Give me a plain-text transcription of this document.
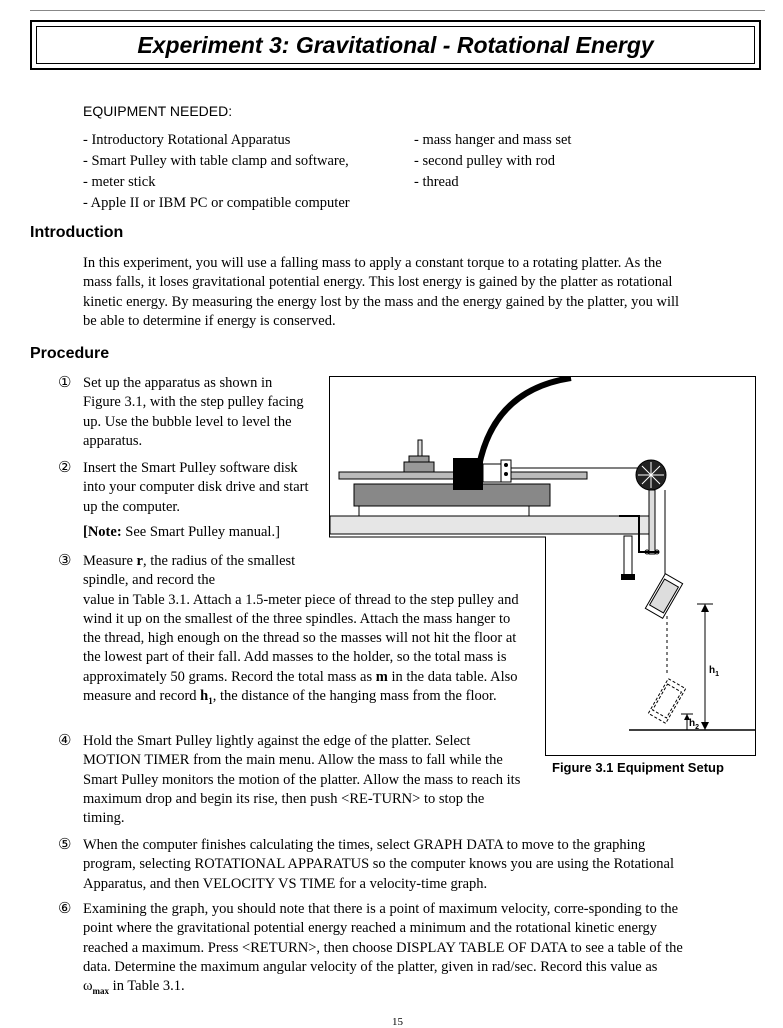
Experiment 3: Gravitational - Rotational Energy
EQUIPMENT NEEDED:
- Introductory Rotational Apparatus
- Smart Pulley with table clamp and software,
- meter stick
- Apple II or IBM PC or compatible computer
- mass hanger and mass set
- second pulley with rod
- thread
Introduction

In this experiment, you will use a falling mass to apply a constant torque to a rotating platter. As the mass falls, it loses gravitational potential energy. This lost energy is gained by the platter as rotational kinetic energy. By measuring the energy lost by the mass and the energy gained by the platter, you will be able to determine if energy is conserved.

Procedure
① Set up the apparatus as shown in Figure 3.1, with the step pulley facing up. Use the bubble level to level the apparatus.

② Insert the Smart Pulley software disk into your computer disk drive and start up the computer.

[Note: See Smart Pulley manual.]

③ Measure r, the radius of the smallest spindle, and record the

value in Table 3.1. Attach a 1.5-meter piece of thread to the step pulley and wind it up on the smallest of the three spindles. Attach the mass hanger to the thread, high enough on the thread so the masses will not hit the floor at the lowest part of their fall. Add masses to the holder, so the total mass is approximately 50 grams. Record the total mass as m in the data table. Also measure and record $h_1$, the distance of the hanging mass from the floor.

④ Hold the Smart Pulley lightly against the edge of the platter. Select MOTION TIMER from the main menu. Allow the mass to fall while the Smart Pulley monitors the motion of the platter. Allow the mass to reach its maximum drop and begin its rise, then push <RE-TURN> to stop the timing.

⑤ When the computer finishes calculating the times, select GRAPH DATA to move to the graphing program, selecting ROTATIONAL APPARATUS so the computer knows you are using the Rotational Apparatus, and then VELOCITY VS TIME for a velocity-time graph.

⑥ Examining the graph, you should note that there is a point of maximum velocity, corre-sponding to the point where the gravitational potential energy reached a minimum and the rotational kinetic energy reached a maximum. Press <RETURN>, then choose DISPLAY TABLE OF DATA to see a table of the data. Determine the maximum angular velocity of the platter, given in rad/sec. Record this value as $\omega_{max}$ in Table 3.1.

$h_1$
$h_2$
Figure 3.1 Equipment Setup
15
